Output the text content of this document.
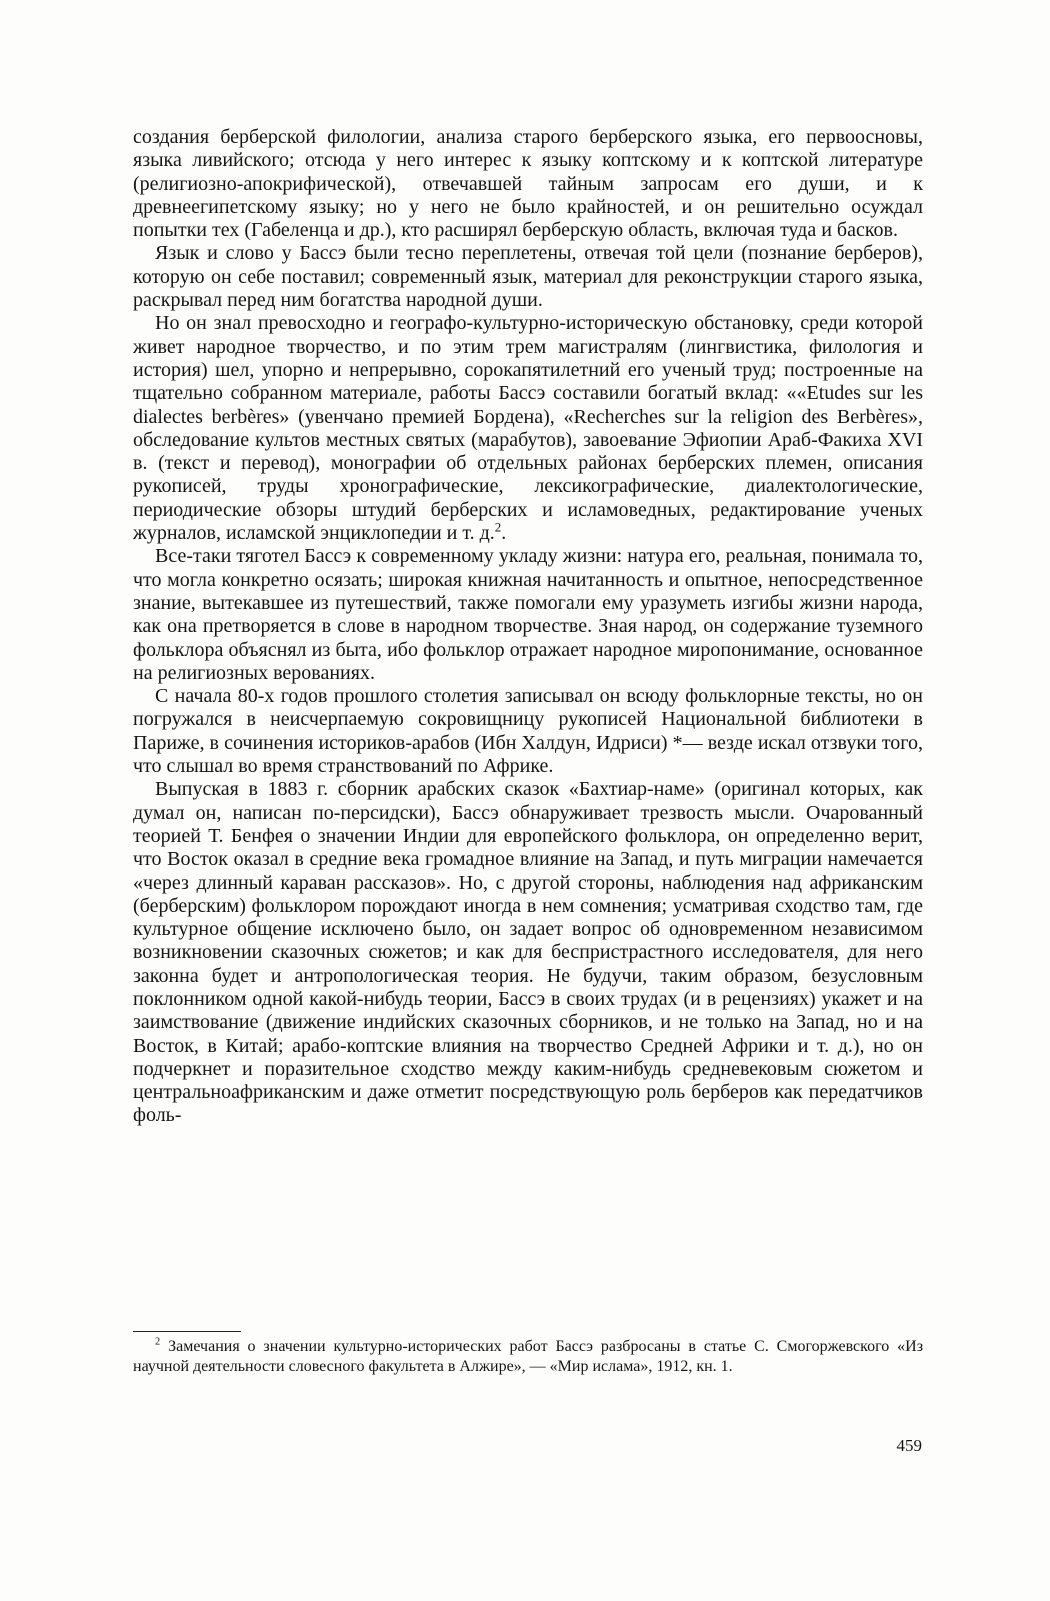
создания берберской филологии, анализа старого берберского языка, его первоосновы, языка ливийского; отсюда у него интерес к языку коптскому и к коптской литературе (религиозно-апокрифической), отвечавшей тайным запросам его души, и к древнеегипетскому языку; но у него не было крайностей, и он решительно осуждал попытки тех (Габеленца и др.), кто расширял берберскую область, включая туда и басков.

Язык и слово у Бассэ были тесно переплетены, отвечая той цели (познание берберов), которую он себе поставил; современный язык, материал для реконструкции старого языка, раскрывал перед ним богатства народной души.

Но он знал превосходно и географо-культурно-историческую обстановку, среди которой живет народное творчество, и по этим трем магистралям (лингвистика, филология и история) шел, упорно и непрерывно, сорокапятилетний его ученый труд; построенные на тщательно собранном материале, работы Бассэ составили богатый вклад: ««Etudes sur les dialectes berbères» (увенчано премией Бордена), «Recherches sur la religion des Berbères», обследование культов местных святых (марабутов), завоевание Эфиопии Араб-Факиха XVI в. (текст и перевод), монографии об отдельных районах берберских племен, описания рукописей, труды хронографические, лексикографические, диалектологические, периодические обзоры штудий берберских и исламоведных, редактирование ученых журналов, исламской энциклопедии и т. д.$^2$.

Все-таки тяготел Бассэ к современному укладу жизни: натура его, реальная, понимала то, что могла конкретно осязать; широкая книжная начитанность и опытное, непосредственное знание, вытекавшее из путешествий, также помогали ему уразуметь изгибы жизни народа, как она претворяется в слове в народном творчестве. Зная народ, он содержание туземного фольклора объяснял из быта, ибо фольклор отражает народное миропонимание, основанное на религиозных верованиях.

С начала 80-х годов прошлого столетия записывал он всюду фольклорные тексты, но он погружался в неисчерпаемую сокровищницу рукописей Национальной библиотеки в Париже, в сочинения историков-арабов (Ибн Халдун, Идриси) *— везде искал отзвуки того, что слышал во время странствований по Африке.

Выпуская в 1883 г. сборник арабских сказок «Бахтиар-наме» (оригинал которых, как думал он, написан по-персидски), Бассэ обнаруживает трезвость мысли. Очарованный теорией Т. Бенфея о значении Индии для европейского фольклора, он определенно верит, что Восток оказал в средние века громадное влияние на Запад, и путь миграции намечается «через длинный караван рассказов». Но, с другой стороны, наблюдения над африканским (берберским) фольклором порождают иногда в нем сомнения; усматривая сходство там, где культурное общение исключено было, он задает вопрос об одновременном независимом возникновении сказочных сюжетов; и как для беспристрастного исследователя, для него законна будет и антропологическая теория. Не будучи, таким образом, безусловным поклонником одной какой-нибудь теории, Бассэ в своих трудах (и в рецензиях) укажет и на заимствование (движение индийских сказочных сборников, и не только на Запад, но и на Восток, в Китай; арабо-коптские влияния на творчество Средней Африки и т. д.), но он подчеркнет и поразительное сходство между каким-нибудь средневековым сюжетом и центральноафриканским и даже отметит посредствующую роль берберов как передатчиков фоль-

$^2$ Замечания о значении культурно-исторических работ Бассэ разбросаны в статье С. Смогоржевского «Из научной деятельности словесного факультета в Алжире», — «Мир ислама», 1912, кн. 1.

459
